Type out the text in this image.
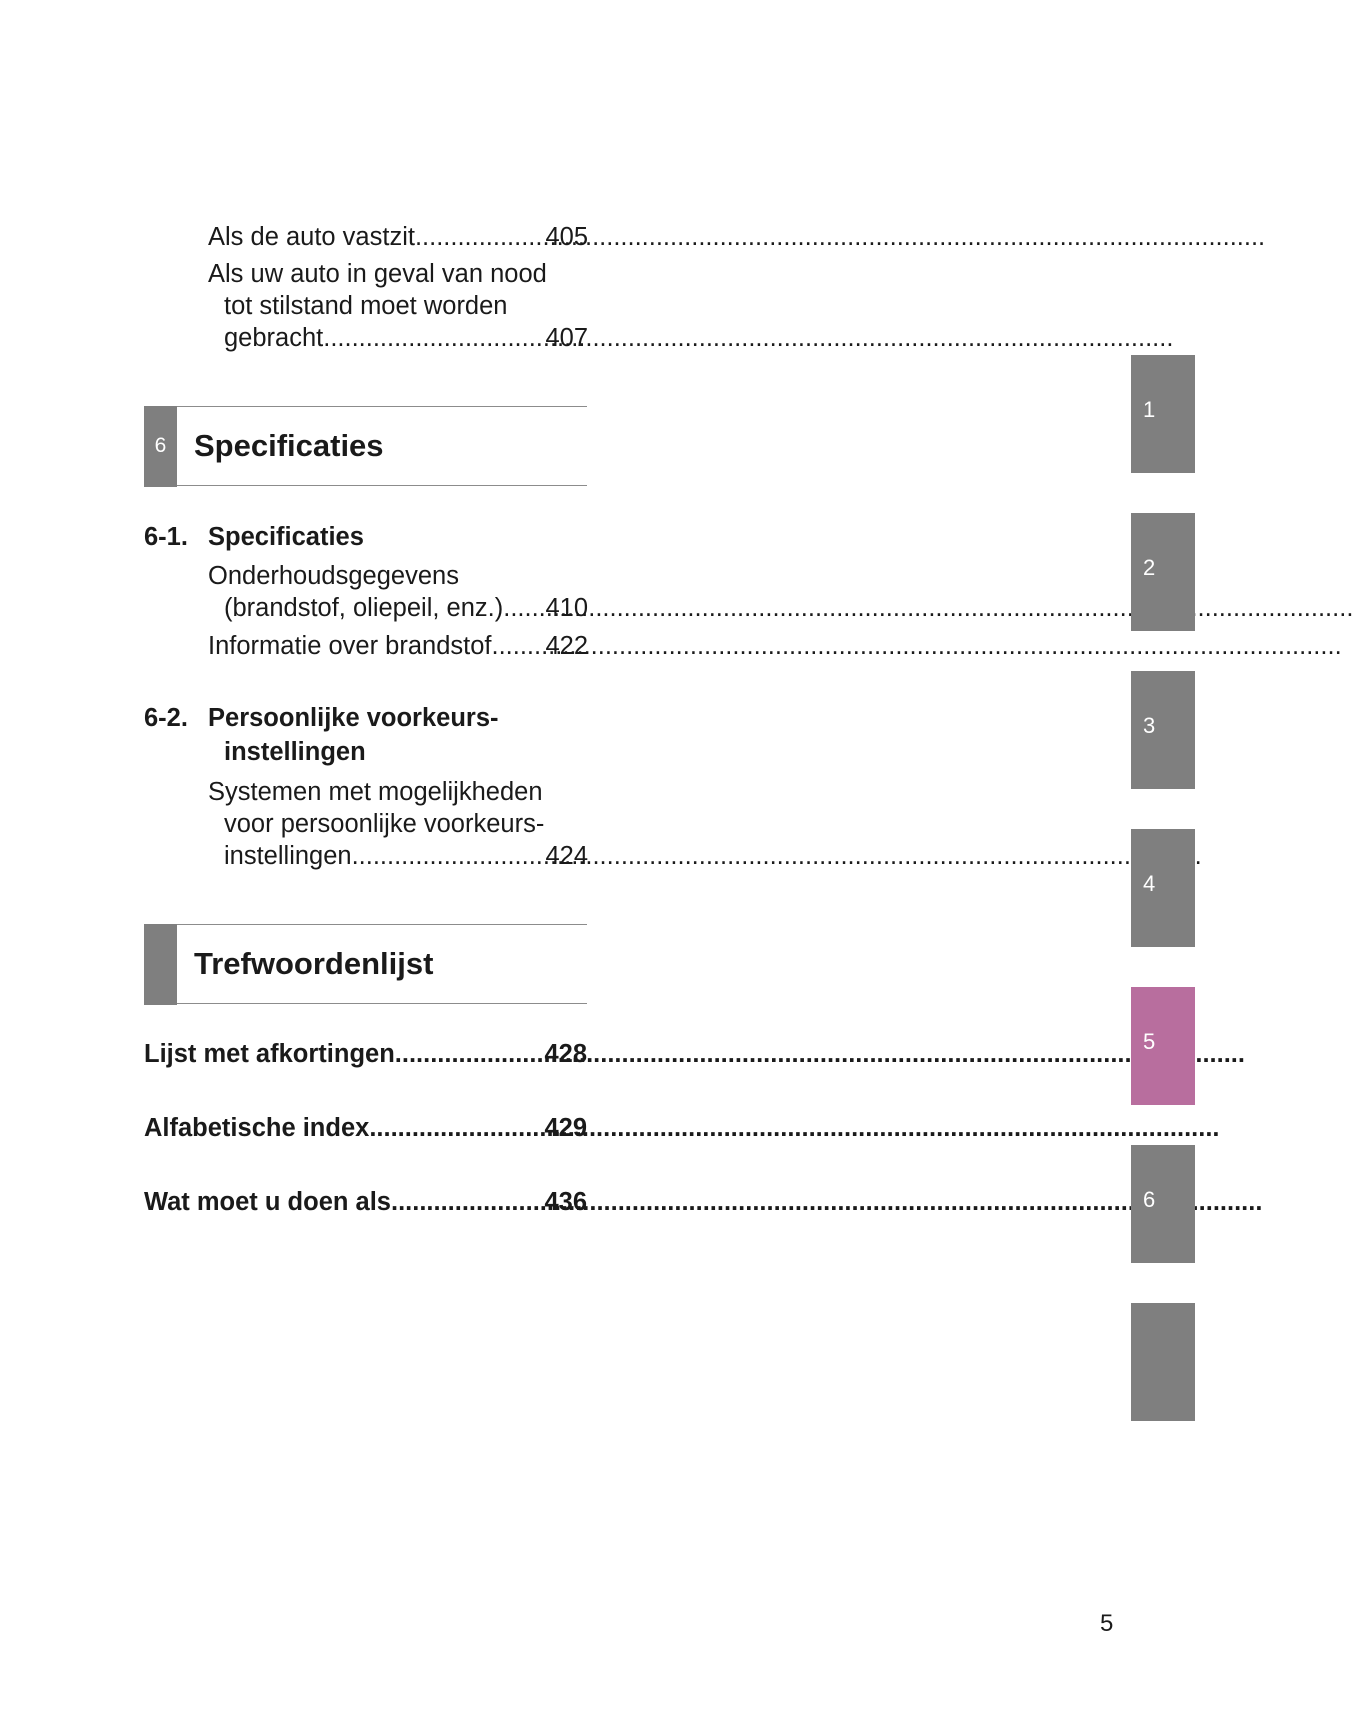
Als de auto vastzit .....	405
Als uw auto in geval van nood
tot stilstand moet worden
gebracht .....	407
6 Specificaties
6-1. Specificaties
Onderhoudsgegevens
(brandstof, oliepeil, enz.) ..... 410
Informatie over brandstof ..... 422
6-2. Persoonlijke voorkeurs-
instellingen
Systemen met mogelijkheden
voor persoonlijke voorkeurs-
instellingen .....	424
Trefwoordenlijst
Lijst met afkortingen .....	428
Alfabetische index .....	429
Wat moet u doen als... .....	436
1
2
3
4
5
6
5
